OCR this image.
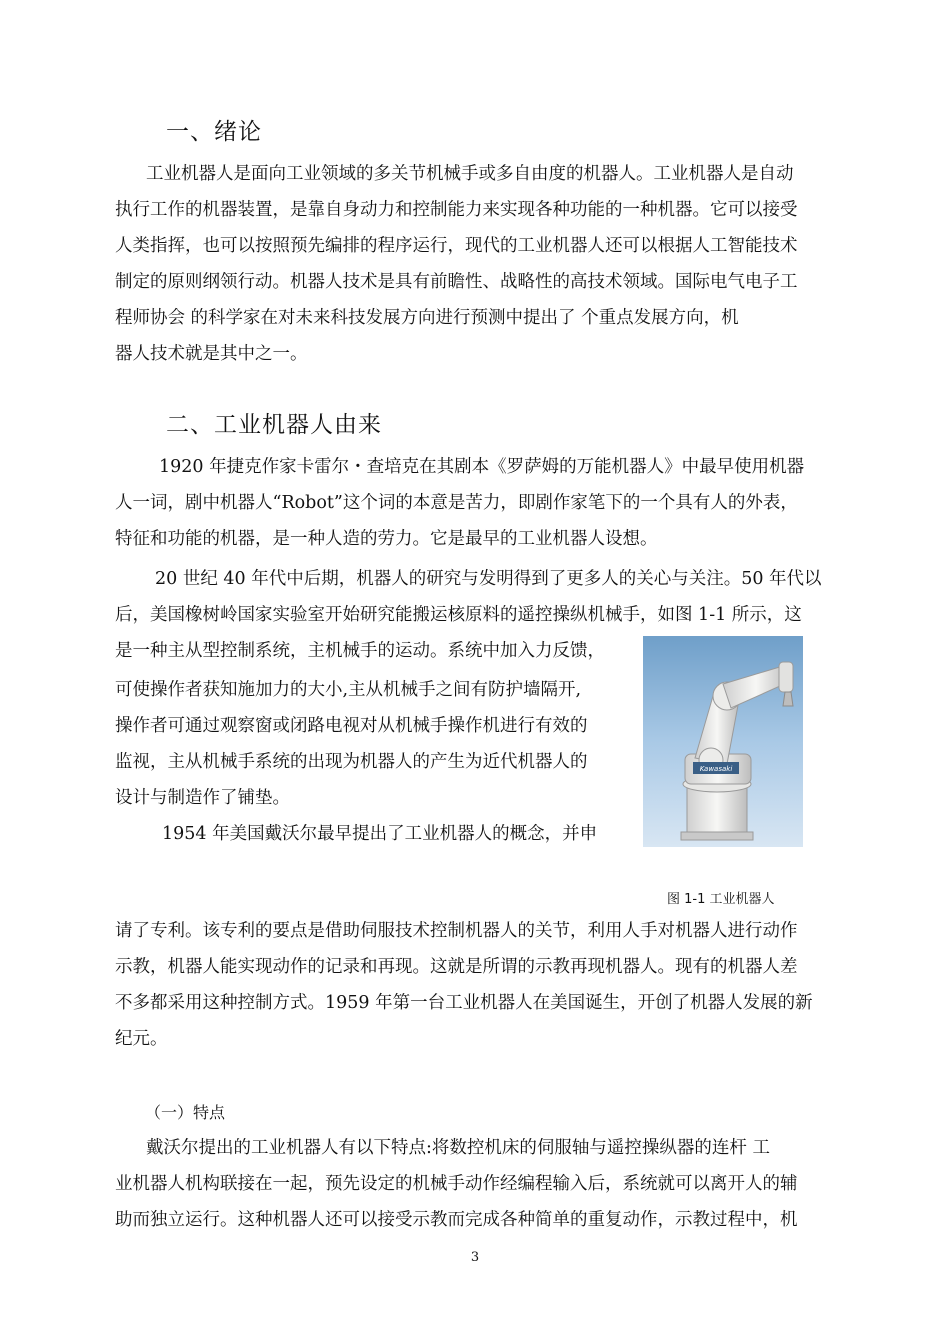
一、绪论
工业机器人是面向工业领域的多关节机械手或多自由度的机器人。工业机器人是自动
执行工作的机器装置，是靠自身动力和控制能力来实现各种功能的一种机器。它可以接受
人类指挥，也可以按照预先编排的程序运行，现代的工业机器人还可以根据人工智能技术
制定的原则纲领行动。机器人技术是具有前瞻性、战略性的高技术领域。国际电气电子工
程师协会 的科学家在对未来科技发展方向进行预测中提出了 个重点发展方向，机
器人技术就是其中之一。
二、工业机器人由来
1920 年捷克作家卡雷尔・查培克在其剧本《罗萨姆的万能机器人》中最早使用机器
人一词，剧中机器人“Robot”这个词的本意是苦力，即剧作家笔下的一个具有人的外表，
特征和功能的机器，是一种人造的劳力。它是最早的工业机器人设想。
20 世纪 40 年代中后期，机器人的研究与发明得到了更多人的关心与关注。50 年代以
后，美国橡树岭国家实验室开始研究能搬运核原料的遥控操纵机械手，如图 1-1 所示，这
是一种主从型控制系统，主机械手的运动。系统中加入力反馈，
可使操作者获知施加力的大小,主从机械手之间有防护墙隔开,
操作者可通过观察窗或闭路电视对从机械手操作机进行有效的
监视，主从机械手系统的出现为机器人的产生为近代机器人的
设计与制造作了铺垫。
1954 年美国戴沃尔最早提出了工业机器人的概念，并申
Kawasaki
图 1-1 工业机器人
请了专利。该专利的要点是借助伺服技术控制机器人的关节，利用人手对机器人进行动作
示教，机器人能实现动作的记录和再现。这就是所谓的示教再现机器人。现有的机器人差
不多都采用这种控制方式。1959 年第一台工业机器人在美国诞生，开创了机器人发展的新
纪元。
（一）特点
戴沃尔提出的工业机器人有以下特点:将数控机床的伺服轴与遥控操纵器的连杆 工
业机器人机构联接在一起，预先设定的机械手动作经编程输入后，系统就可以离开人的辅
助而独立运行。这种机器人还可以接受示教而完成各种简单的重复动作，示教过程中，机
3
